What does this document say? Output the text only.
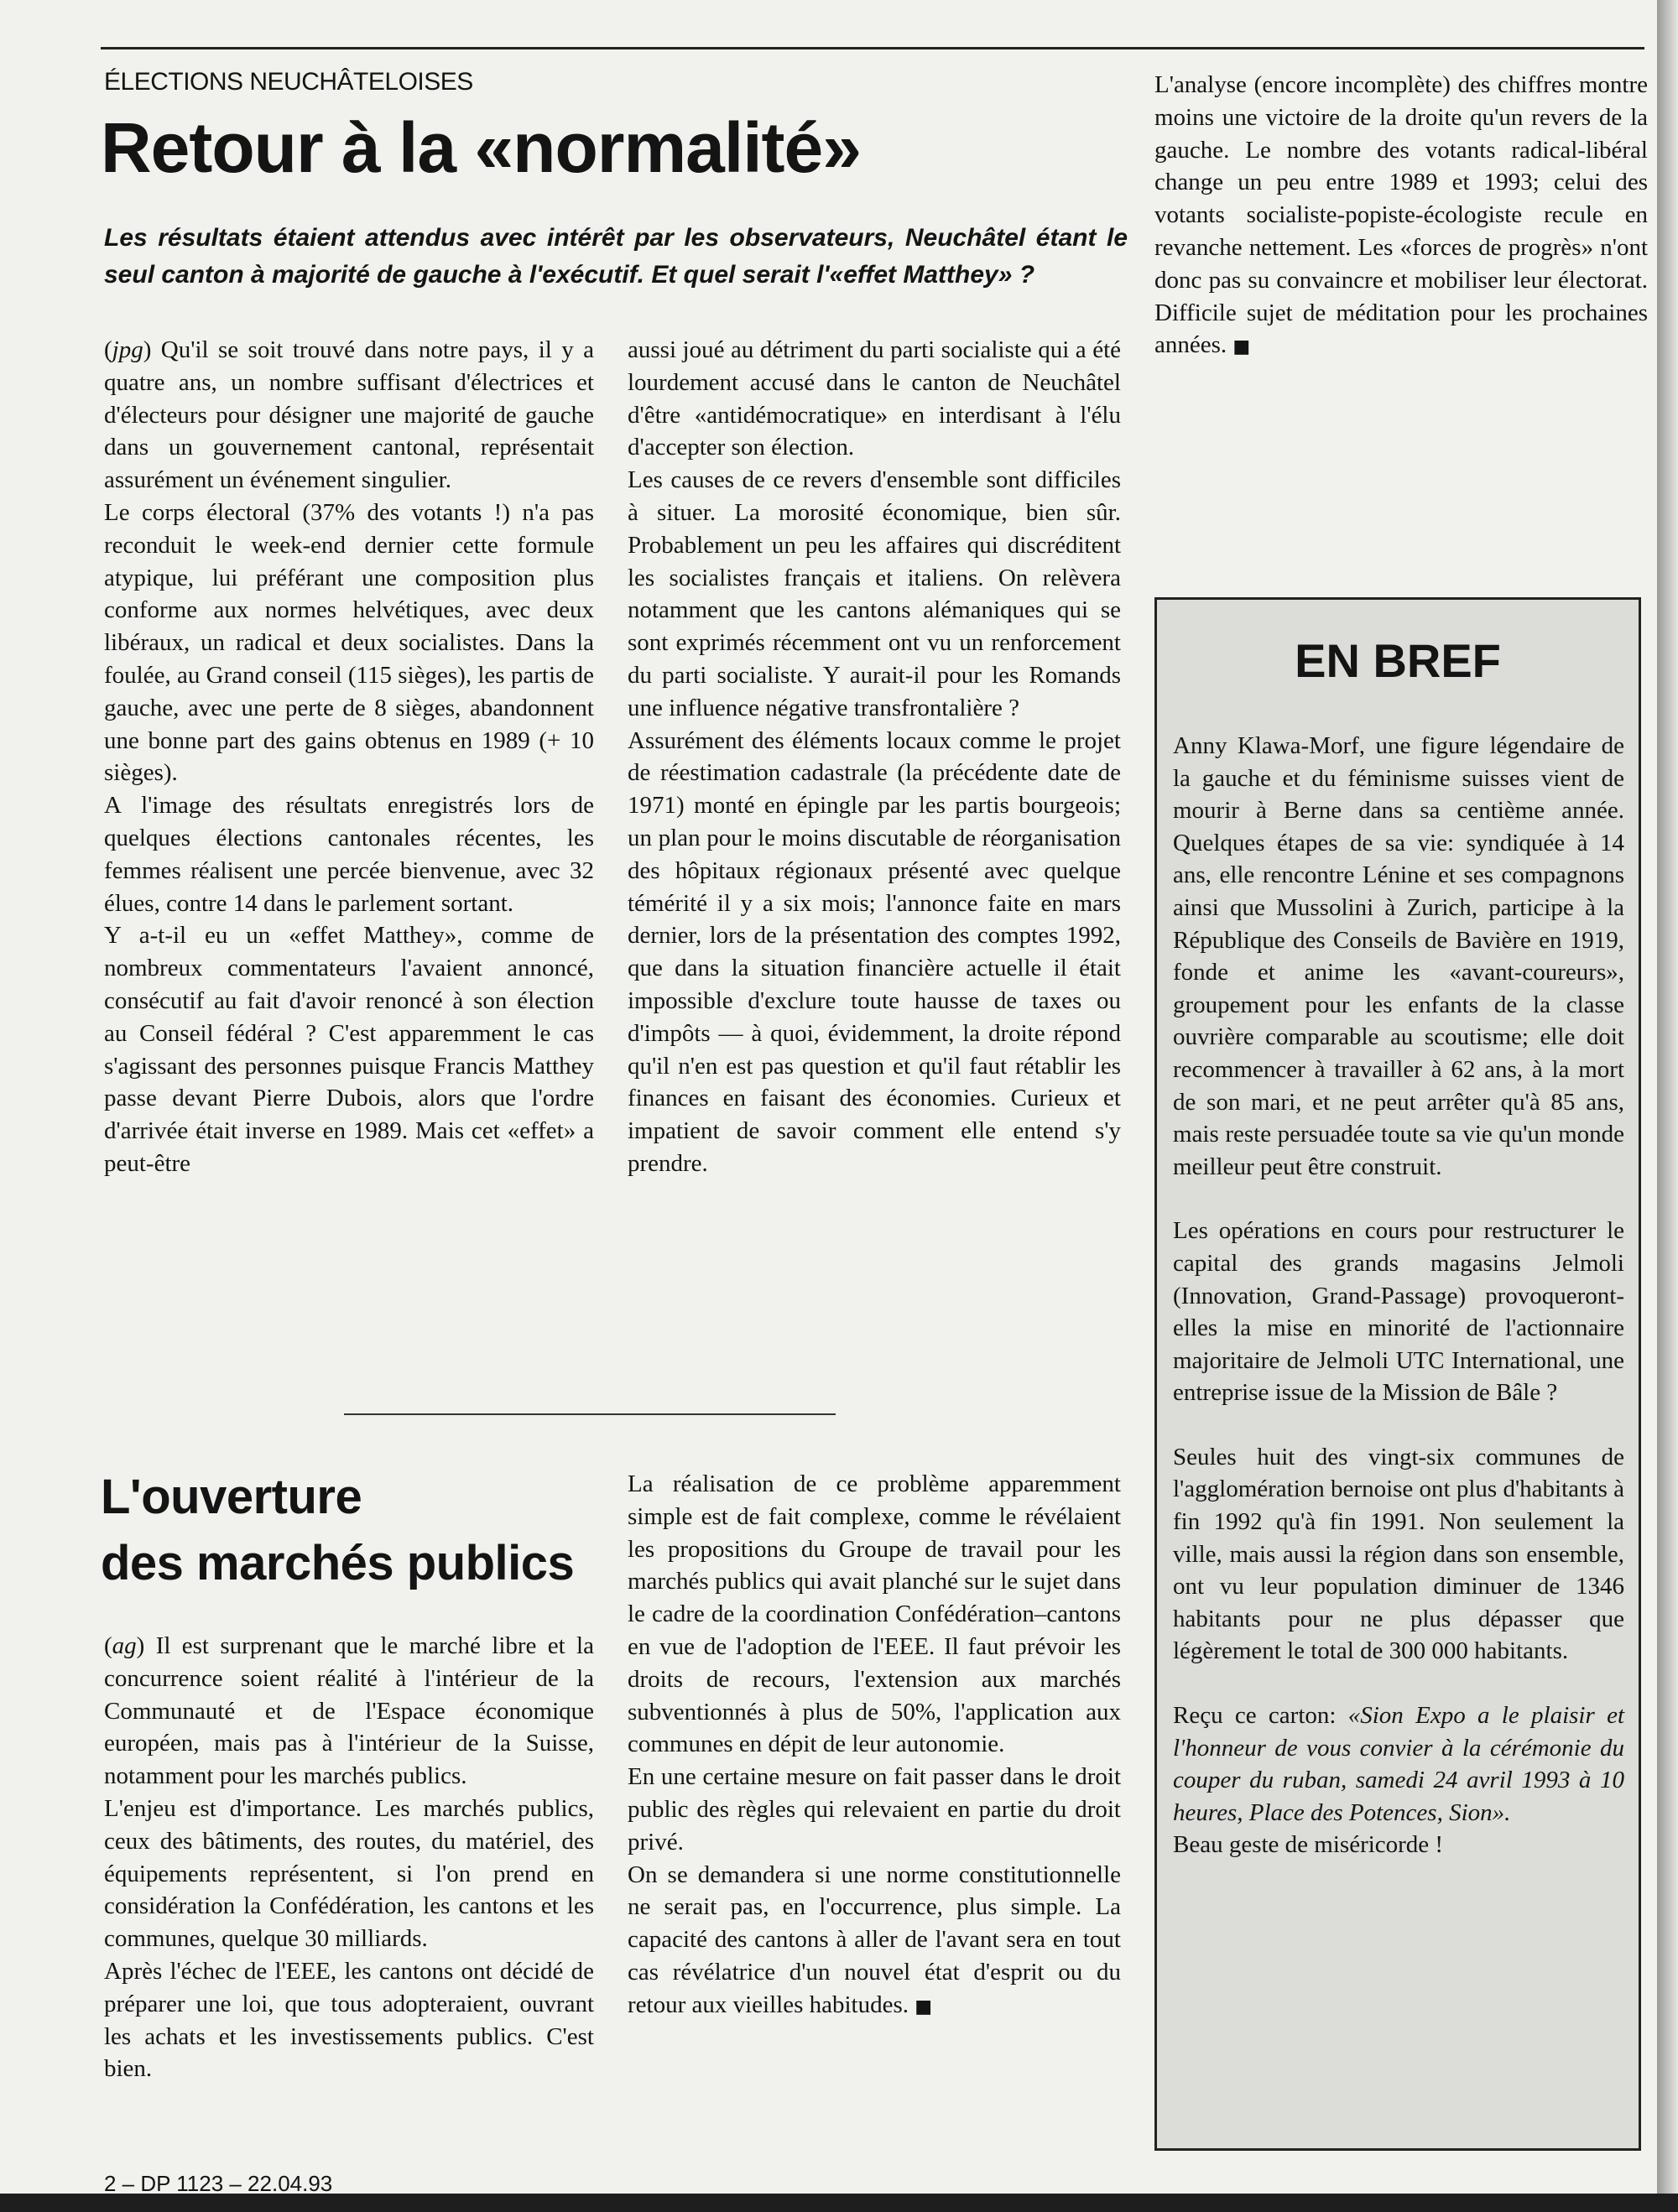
ÉLECTIONS NEUCHÂTELOISES
Retour à la «normalité»

Les résultats étaient attendus avec intérêt par les observateurs, Neuchâtel étant le seul canton à majorité de gauche à l'exécutif. Et quel serait l'«effet Matthey» ?

(jpg) Qu'il se soit trouvé dans notre pays, il y a quatre ans, un nombre suffisant d'électrices et d'électeurs pour désigner une majorité de gauche dans un gouvernement cantonal, représentait assurément un événement singulier.

Le corps électoral (37% des votants !) n'a pas reconduit le week-end dernier cette formule atypique, lui préférant une composition plus conforme aux normes helvétiques, avec deux libéraux, un radical et deux socialistes. Dans la foulée, au Grand conseil (115 sièges), les partis de gauche, avec une perte de 8 sièges, abandonnent une bonne part des gains obtenus en 1989 (+ 10 sièges).

A l'image des résultats enregistrés lors de quelques élections cantonales récentes, les femmes réalisent une percée bienvenue, avec 32 élues, contre 14 dans le parlement sortant.

Y a-t-il eu un «effet Matthey», comme de nombreux commentateurs l'avaient annoncé, consécutif au fait d'avoir renoncé à son élection au Conseil fédéral ? C'est apparemment le cas s'agissant des personnes puisque Francis Matthey passe devant Pierre Dubois, alors que l'ordre d'arrivée était inverse en 1989. Mais cet «effet» a peut-être

aussi joué au détriment du parti socialiste qui a été lourdement accusé dans le canton de Neuchâtel d'être «antidémocratique» en interdisant à l'élu d'accepter son élection.

Les causes de ce revers d'ensemble sont difficiles à situer. La morosité économique, bien sûr. Probablement un peu les affaires qui discréditent les socialistes français et italiens. On relèvera notamment que les cantons alémaniques qui se sont exprimés récemment ont vu un renforcement du parti socialiste. Y aurait-il pour les Romands une influence négative transfrontalière ?

Assurément des éléments locaux comme le projet de réestimation cadastrale (la précédente date de 1971) monté en épingle par les partis bourgeois; un plan pour le moins discutable de réorganisation des hôpitaux régionaux présenté avec quelque témérité il y a six mois; l'annonce faite en mars dernier, lors de la présentation des comptes 1992, que dans la situation financière actuelle il était impossible d'exclure toute hausse de taxes ou d'impôts — à quoi, évidemment, la droite répond qu'il n'en est pas question et qu'il faut rétablir les finances en faisant des économies. Curieux et impatient de savoir comment elle entend s'y prendre.

L'analyse (encore incomplète) des chiffres montre moins une victoire de la droite qu'un revers de la gauche. Le nombre des votants radical-libéral change un peu entre 1989 et 1993; celui des votants socialiste-popiste-écologiste recule en revanche nettement. Les «forces de progrès» n'ont donc pas su convaincre et mobiliser leur électorat. Difficile sujet de méditation pour les prochaines années. ■

L'ouverture
des marchés publics

(ag) Il est surprenant que le marché libre et la concurrence soient réalité à l'intérieur de la Communauté et de l'Espace économique européen, mais pas à l'intérieur de la Suisse, notamment pour les marchés publics.

L'enjeu est d'importance. Les marchés publics, ceux des bâtiments, des routes, du matériel, des équipements représentent, si l'on prend en considération la Confédération, les cantons et les communes, quelque 30 milliards.

Après l'échec de l'EEE, les cantons ont décidé de préparer une loi, que tous adopteraient, ouvrant les achats et les investissements publics. C'est bien.

La réalisation de ce problème apparemment simple est de fait complexe, comme le révélaient les propositions du Groupe de travail pour les marchés publics qui avait planché sur le sujet dans le cadre de la coordination Confédération–cantons en vue de l'adoption de l'EEE. Il faut prévoir les droits de recours, l'extension aux marchés subventionnés à plus de 50%, l'application aux communes en dépit de leur autonomie.

En une certaine mesure on fait passer dans le droit public des règles qui relevaient en partie du droit privé.

On se demandera si une norme constitutionnelle ne serait pas, en l'occurrence, plus simple. La capacité des cantons à aller de l'avant sera en tout cas révélatrice d'un nouvel état d'esprit ou du retour aux vieilles habitudes. ■

EN BREF

Anny Klawa-Morf, une figure légendaire de la gauche et du féminisme suisses vient de mourir à Berne dans sa centième année. Quelques étapes de sa vie: syndiquée à 14 ans, elle rencontre Lénine et ses compagnons ainsi que Mussolini à Zurich, participe à la République des Conseils de Bavière en 1919, fonde et anime les «avant-coureurs», groupement pour les enfants de la classe ouvrière comparable au scoutisme; elle doit recommencer à travailler à 62 ans, à la mort de son mari, et ne peut arrêter qu'à 85 ans, mais reste persuadée toute sa vie qu'un monde meilleur peut être construit.

Les opérations en cours pour restructurer le capital des grands magasins Jelmoli (Innovation, Grand-Passage) provoqueront-elles la mise en minorité de l'actionnaire majoritaire de Jelmoli UTC International, une entreprise issue de la Mission de Bâle ?

Seules huit des vingt-six communes de l'agglomération bernoise ont plus d'habitants à fin 1992 qu'à fin 1991. Non seulement la ville, mais aussi la région dans son ensemble, ont vu leur population diminuer de 1346 habitants pour ne plus dépasser que légèrement le total de 300 000 habitants.

Reçu ce carton: «Sion Expo a le plaisir et l'honneur de vous convier à la cérémonie du couper du ruban, samedi 24 avril 1993 à 10 heures, Place des Potences, Sion».
Beau geste de miséricorde !

2 – DP 1123 – 22.04.93
